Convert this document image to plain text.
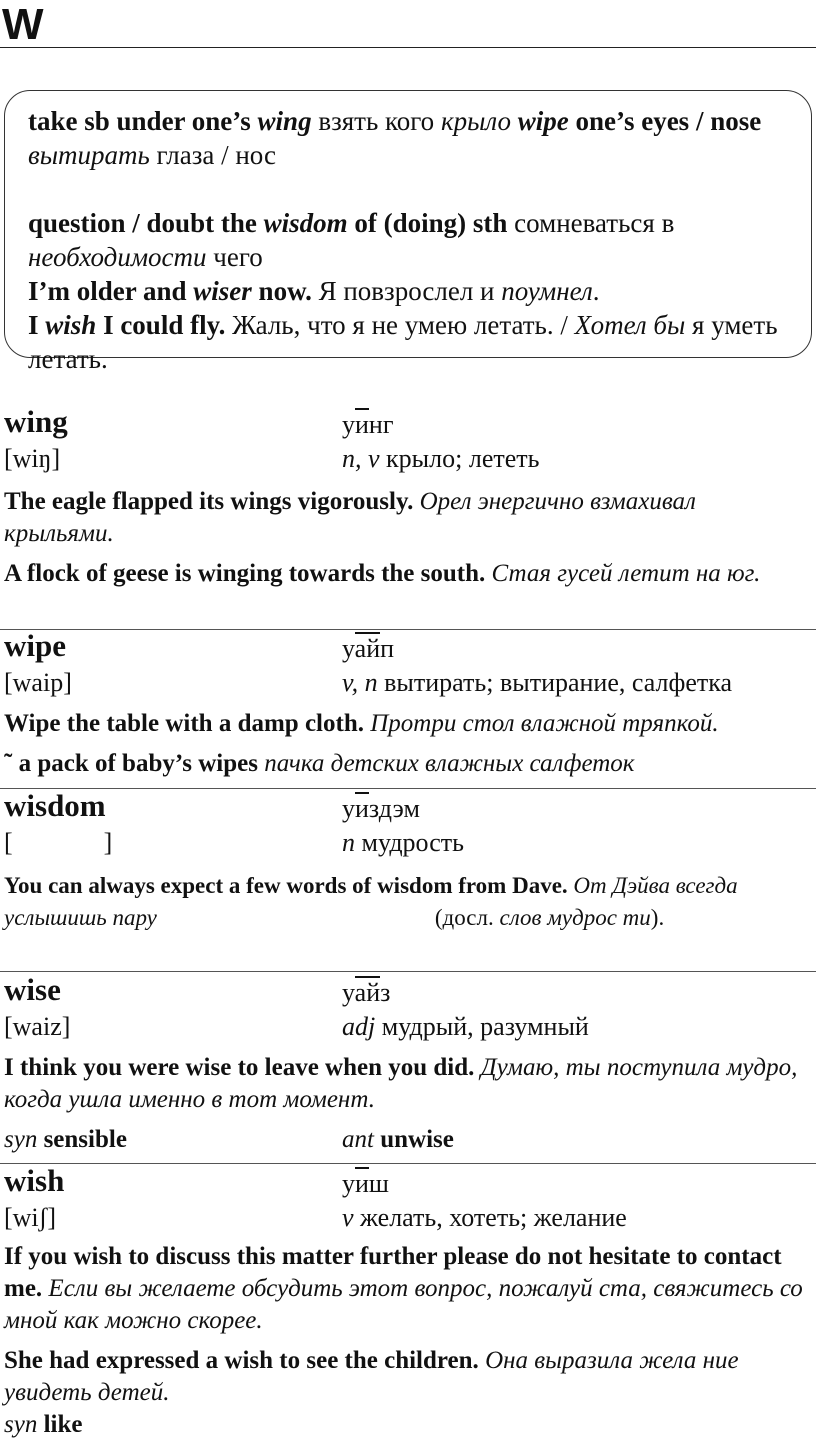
W

take sb under one’s wing взять кого крыло wipe one’s eyes / nose вытирать глаза / нос

question / doubt the wisdom of (doing) sth сомневаться в необходимости чего

I’m older and wiser now. Я повзрослел и поумнел.

I wish I could fly. Жаль, что я не умею летать. / Хотел бы я уметь летать.

wing	уинг
[wiŋ]	n, v крыло; лететь
The eagle flapped its wings vigorously. Орел энергично взмахивал крыльями.
A flock of geese is winging towards the south. Стая гусей летит на юг.
wipe	уайп
[waip]	v, n вытирать; вытирание, салфетка
Wipe the table with a damp cloth. Протри стол влажной тряпкой.
˜ a pack of baby’s wipes пачка детских влажных салфеток
wisdom	уиздэм
[              ]	n мудрость
You can always expect a few words of wisdom from Dave. От Дэйва всегда услышишь пару	(досл. слов мудрос ти).
wise	уайз
[waiz]	adj мудрый, разумный
I think you were wise to leave when you did. Думаю, ты поступила мудро, когда ушла именно в тот момент.
syn sensible	ant unwise
wish	уиш
[wiʃ]	v желать, хотеть; желание
If you wish to discuss this matter further please do not hesitate to contact me. Если вы желаете обсудить этот вопрос, пожалуй ста, свяжитесь со мной как можно скорее.
She had expressed a wish to see the children. Она выразила жела ние увидеть детей.
syn like
